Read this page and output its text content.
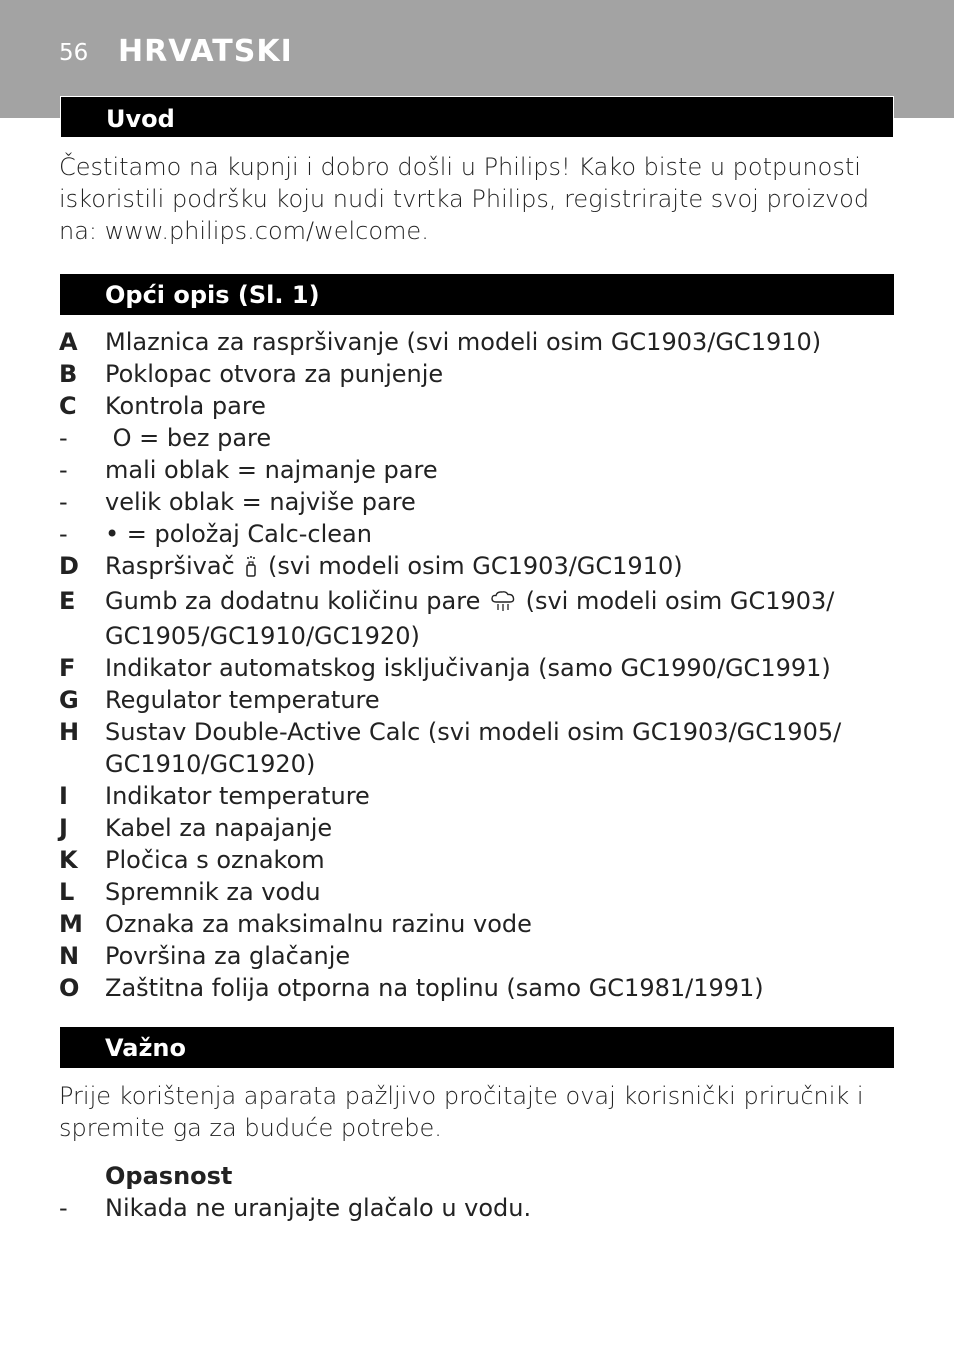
56 HRVATSKI
Uvod
Čestitamo na kupnji i dobro došli u Philips! Kako biste u potpunosti iskoristili podršku koju nudi tvrtka Philips, registrirajte svoj proizvod na: www.philips.com/welcome.
Opći opis (Sl. 1)
A	Mlaznica za raspršivanje (svi modeli osim GC1903/GC1910)
B	Poklopac otvora za punjenje
C	Kontrola pare
-	O = bez pare
-	mali oblak = najmanje pare
-	velik oblak = najviše pare
-	• = položaj Calc-clean
D	Raspršivač (svi modeli osim GC1903/GC1910)
E	Gumb za dodatnu količinu pare (svi modeli osim GC1903/ GC1905/GC1910/GC1920)
F	Indikator automatskog isključivanja (samo GC1990/GC1991)
G	Regulator temperature
H	Sustav Double-Active Calc (svi modeli osim GC1903/GC1905/ GC1910/GC1920)
I	Indikator temperature
J	Kabel za napajanje
K	Pločica s oznakom
L	Spremnik za vodu
M Oznaka za maksimalnu razinu vode
N	Površina za glačanje
O	Zaštitna folija otporna na toplinu (samo GC1981/1991)
Važno
Prije korištenja aparata pažljivo pročitajte ovaj korisnički priručnik i spremite ga za buduće potrebe.
Opasnost
- Nikada ne uranjajte glačalo u vodu.
